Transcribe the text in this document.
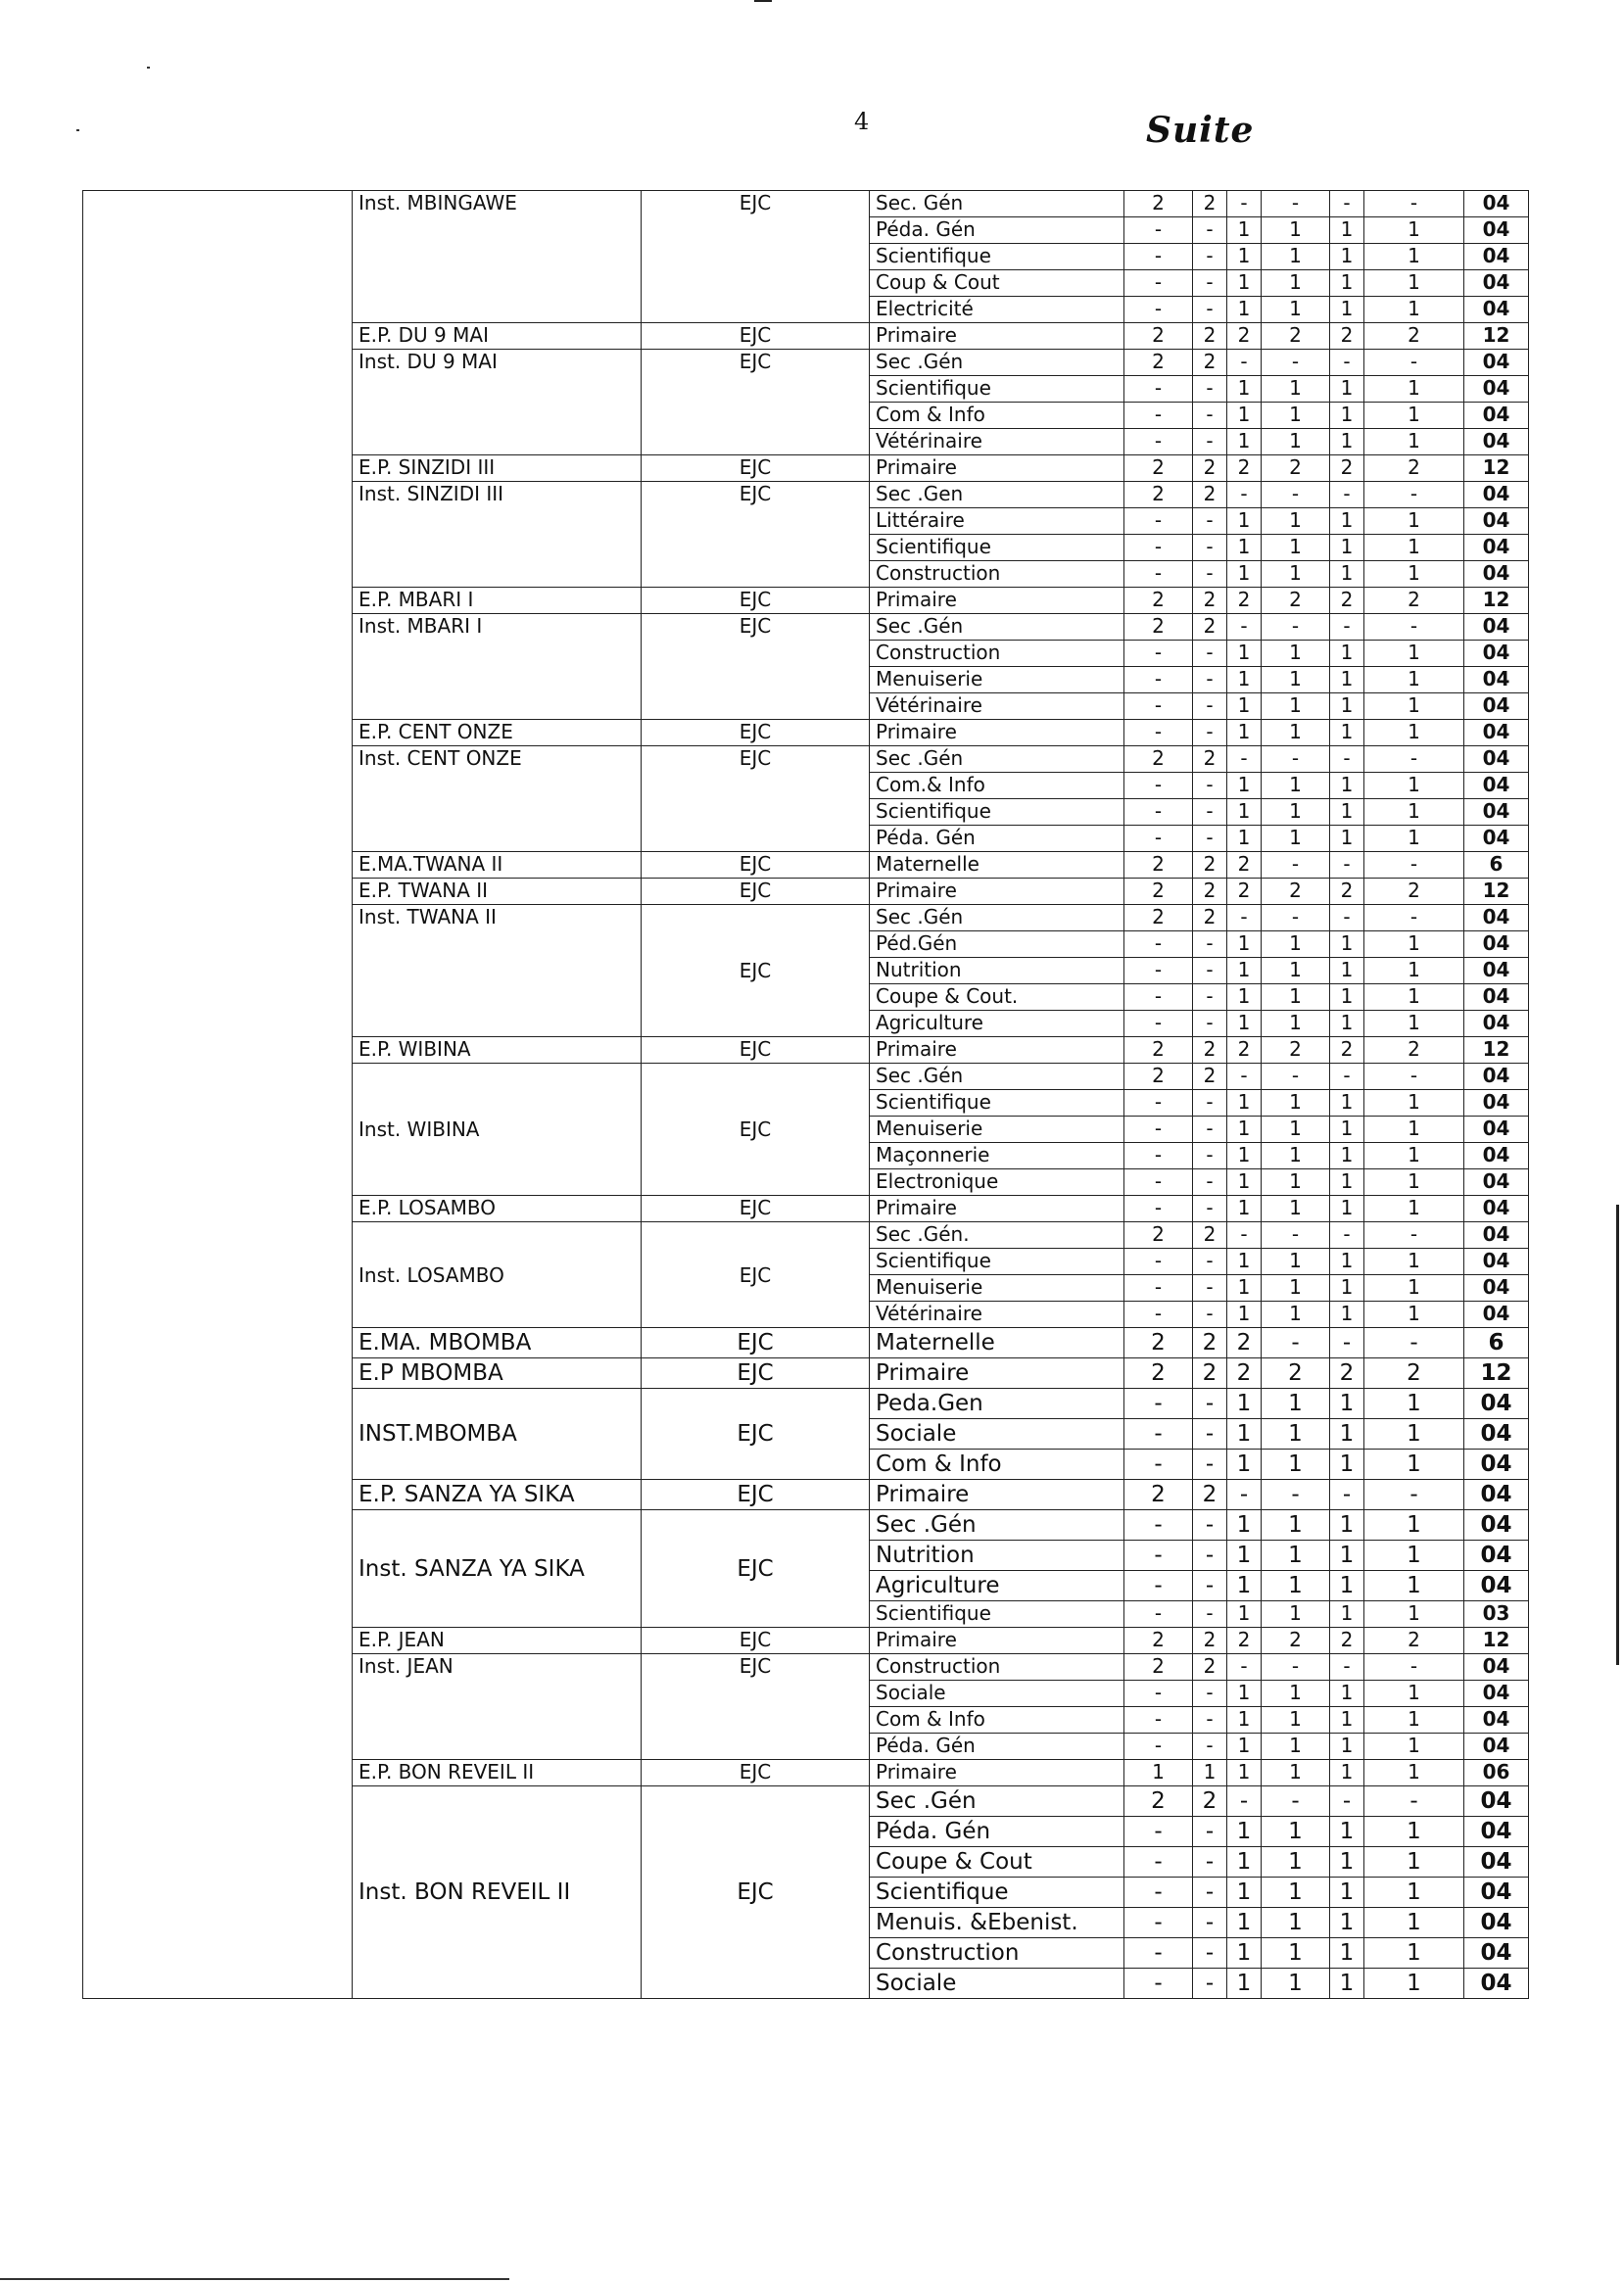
4	Suite
	Inst. MBINGAWE	EJC	Sec. Gén	2	2	-	-	-	-	04
			Péda. Gén	-	-	1	1	1	1	04
			Scientifique	-	-	1	1	1	1	04
			Coup & Cout	-	-	1	1	1	1	04
			Electricité	-	-	1	1	1	1	04
	E.P. DU 9 MAI	EJC	Primaire	2	2	2	2	2	2	12
	Inst. DU 9 MAI	EJC	Sec .Gén	2	2	-	-	-	-	04
			Scientifique	-	-	1	1	1	1	04
			Com & Info	-	-	1	1	1	1	04
			Vétérinaire	-	-	1	1	1	1	04
	E.P. SINZIDI III	EJC	Primaire	2	2	2	2	2	2	12
	Inst. SINZIDI III	EJC	Sec .Gen	2	2	-	-	-	-	04
			Littéraire	-	-	1	1	1	1	04
			Scientifique	-	-	1	1	1	1	04
			Construction	-	-	1	1	1	1	04
	E.P. MBARI I	EJC	Primaire	2	2	2	2	2	2	12
	Inst. MBARI I	EJC	Sec .Gén	2	2	-	-	-	-	04
			Construction	-	-	1	1	1	1	04
			Menuiserie	-	-	1	1	1	1	04
			Vétérinaire	-	-	1	1	1	1	04
	E.P. CENT ONZE	EJC	Primaire	-	-	1	1	1	1	04
	Inst. CENT ONZE	EJC	Sec .Gén	2	2	-	-	-	-	04
			Com.& Info	-	-	1	1	1	1	04
			Scientifique	-	-	1	1	1	1	04
			Péda. Gén	-	-	1	1	1	1	04
	E.MA.TWANA II	EJC	Maternelle	2	2	2	-	-	-	6
	E.P. TWANA II	EJC	Primaire	2	2	2	2	2	2	12
	Inst. TWANA II	EJC	Sec .Gén	2	2	-	-	-	-	04
			Péd.Gén	-	-	1	1	1	1	04
			Nutrition	-	-	1	1	1	1	04
			Coupe & Cout.	-	-	1	1	1	1	04
			Agriculture	-	-	1	1	1	1	04
	E.P. WIBINA	EJC	Primaire	2	2	2	2	2	2	12
	Inst. WIBINA	EJC	Sec .Gén	2	2	-	-	-	-	04
			Scientifique	-	-	1	1	1	1	04
			Menuiserie	-	-	1	1	1	1	04
			Maçonnerie	-	-	1	1	1	1	04
			Electronique	-	-	1	1	1	1	04
	E.P. LOSAMBO	EJC	Primaire	-	-	1	1	1	1	04
	Inst. LOSAMBO	EJC	Sec .Gén.	2	2	-	-	-	-	04
			Scientifique	-	-	1	1	1	1	04
			Menuiserie	-	-	1	1	1	1	04
			Vétérinaire	-	-	1	1	1	1	04
	E.MA. MBOMBA	EJC	Maternelle	2	2	2	-	-	-	6
	E.P MBOMBA	EJC	Primaire	2	2	2	2	2	2	12
	INST.MBOMBA	EJC	Peda.Gen	-	-	1	1	1	1	04
			Sociale	-	-	1	1	1	1	04
			Com & Info	-	-	1	1	1	1	04
	E.P. SANZA YA SIKA	EJC	Primaire	2	2	-	-	-	-	04
	Inst. SANZA YA SIKA	EJC	Sec .Gén	-	-	1	1	1	1	04
			Nutrition	-	-	1	1	1	1	04
			Agriculture	-	-	1	1	1	1	04
			Scientifique	-	-	1	1	1	1	03
	E.P. JEAN	EJC	Primaire	2	2	2	2	2	2	12
	Inst. JEAN	EJC	Construction	2	2	-	-	-	-	04
			Sociale	-	-	1	1	1	1	04
			Com & Info	-	-	1	1	1	1	04
			Péda. Gén	-	-	1	1	1	1	04
	E.P. BON REVEIL II	EJC	Primaire	1	1	1	1	1	1	06
	Inst. BON REVEIL II	EJC	Sec .Gén	2	2	-	-	-	-	04
			Péda. Gén	-	-	1	1	1	1	04
			Coupe & Cout	-	-	1	1	1	1	04
			Scientifique	-	-	1	1	1	1	04
			Menuis. &Ebenist.	-	-	1	1	1	1	04
			Construction	-	-	1	1	1	1	04
			Sociale	-	-	1	1	1	1	04
